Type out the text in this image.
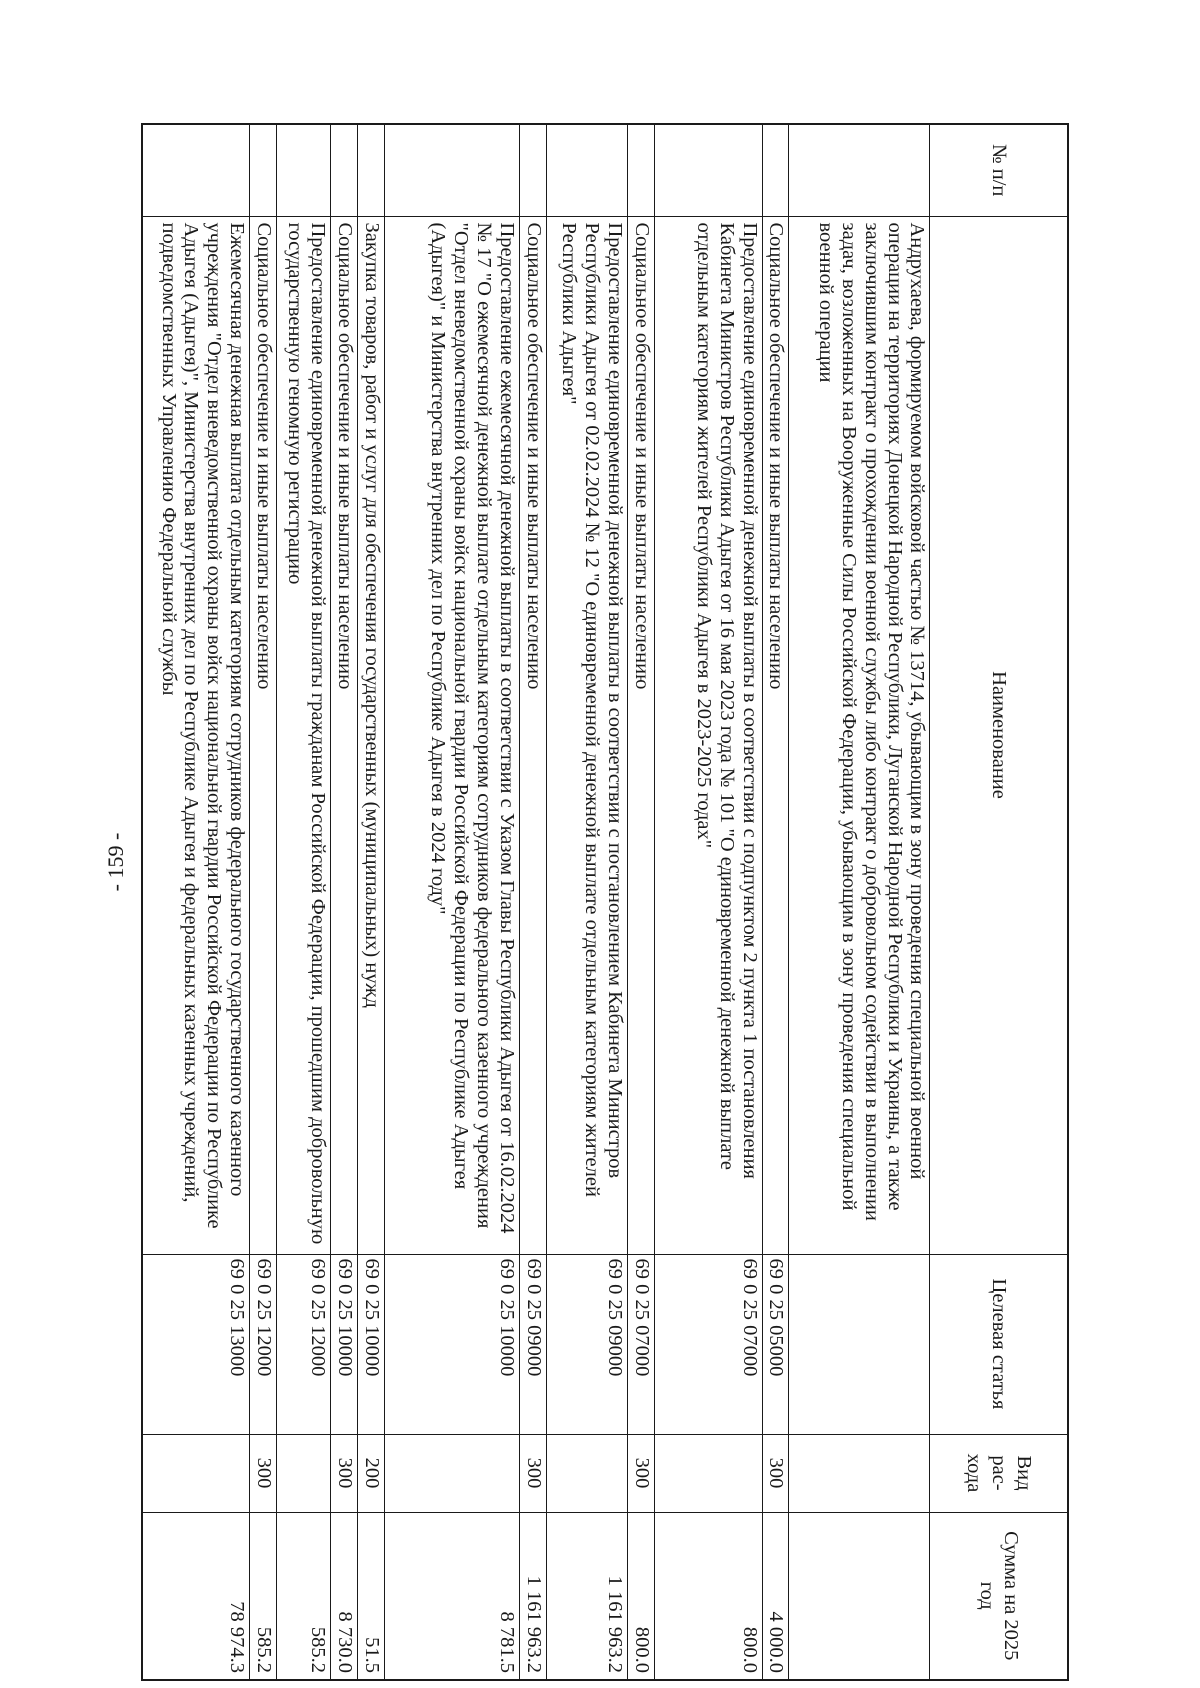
- 159 -
№ п/п	Наименование	Целевая статья	Вид рас-хода	Сумма на 2025 год
	Андрухаева, формируемом войсковой частью № 13714, убывающим в зону проведения специальной военной операции на территориях Донецкой Народной Республики, Луганской Народной Республики и Украины, а также заключившим контракт о прохождении военной службы либо контракт о добровольном содействии в выполнении задач, возложенных на Вооруженные Силы Российской Федерации, убывающим в зону проведения специальной военной операции			
	Социальное обеспечение и иные выплаты населению	69 0 25 05000	300	4 000.0
	Предоставление единовременной денежной выплаты в соответствии с подпунктом 2 пункта 1 постановления Кабинета Министров Республики Адыгея от 16 мая 2023 года № 101 "О единовременной денежной выплате отдельным категориям жителей Республики Адыгея в 2023-2025 годах"	69 0 25 07000		800.0
	Социальное обеспечение и иные выплаты населению	69 0 25 07000	300	800.0
	Предоставление единовременной денежной выплаты в соответствии с постановлением Кабинета Министров Республики Адыгея от 02.02.2024 № 12 "О единовременной денежной выплате отдельным категориям жителей Республики Адыгея"	69 0 25 09000		1 161 963.2
	Социальное обеспечение и иные выплаты населению	69 0 25 09000	300	1 161 963.2
	Предоставление ежемесячной денежной выплаты в соответствии с Указом Главы Республики Адыгея от 16.02.2024 № 17 "О ежемесячной денежной выплате отдельным категориям сотрудников федерального казенного учреждения "Отдел вневедомственной охраны войск национальной гвардии Российской Федерации по Республике Адыгея (Адыгея)" и Министерства внутренних дел по Республике Адыгея в 2024 году"	69 0 25 10000		8 781.5
	Закупка товаров, работ и услуг для обеспечения государственных (муниципальных) нужд	69 0 25 10000	200	51.5
	Социальное обеспечение и иные выплаты населению	69 0 25 10000	300	8 730.0
	Предоставление единовременной денежной выплаты гражданам Российской Федерации, прошедшим добровольную государственную геномную регистрацию	69 0 25 12000		585.2
	Социальное обеспечение и иные выплаты населению	69 0 25 12000	300	585.2
	Ежемесячная денежная выплата отдельным категориям сотрудников федерального государственного казенного учреждения "Отдел вневедомственной охраны войск национальной гвардии Российской Федерации по Республике Адыгея (Адыгея)", Министерства внутренних дел по Республике Адыгея и федеральных казенных учреждений, подведомственных Управлению Федеральной службы	69 0 25 13000		78 974.3
